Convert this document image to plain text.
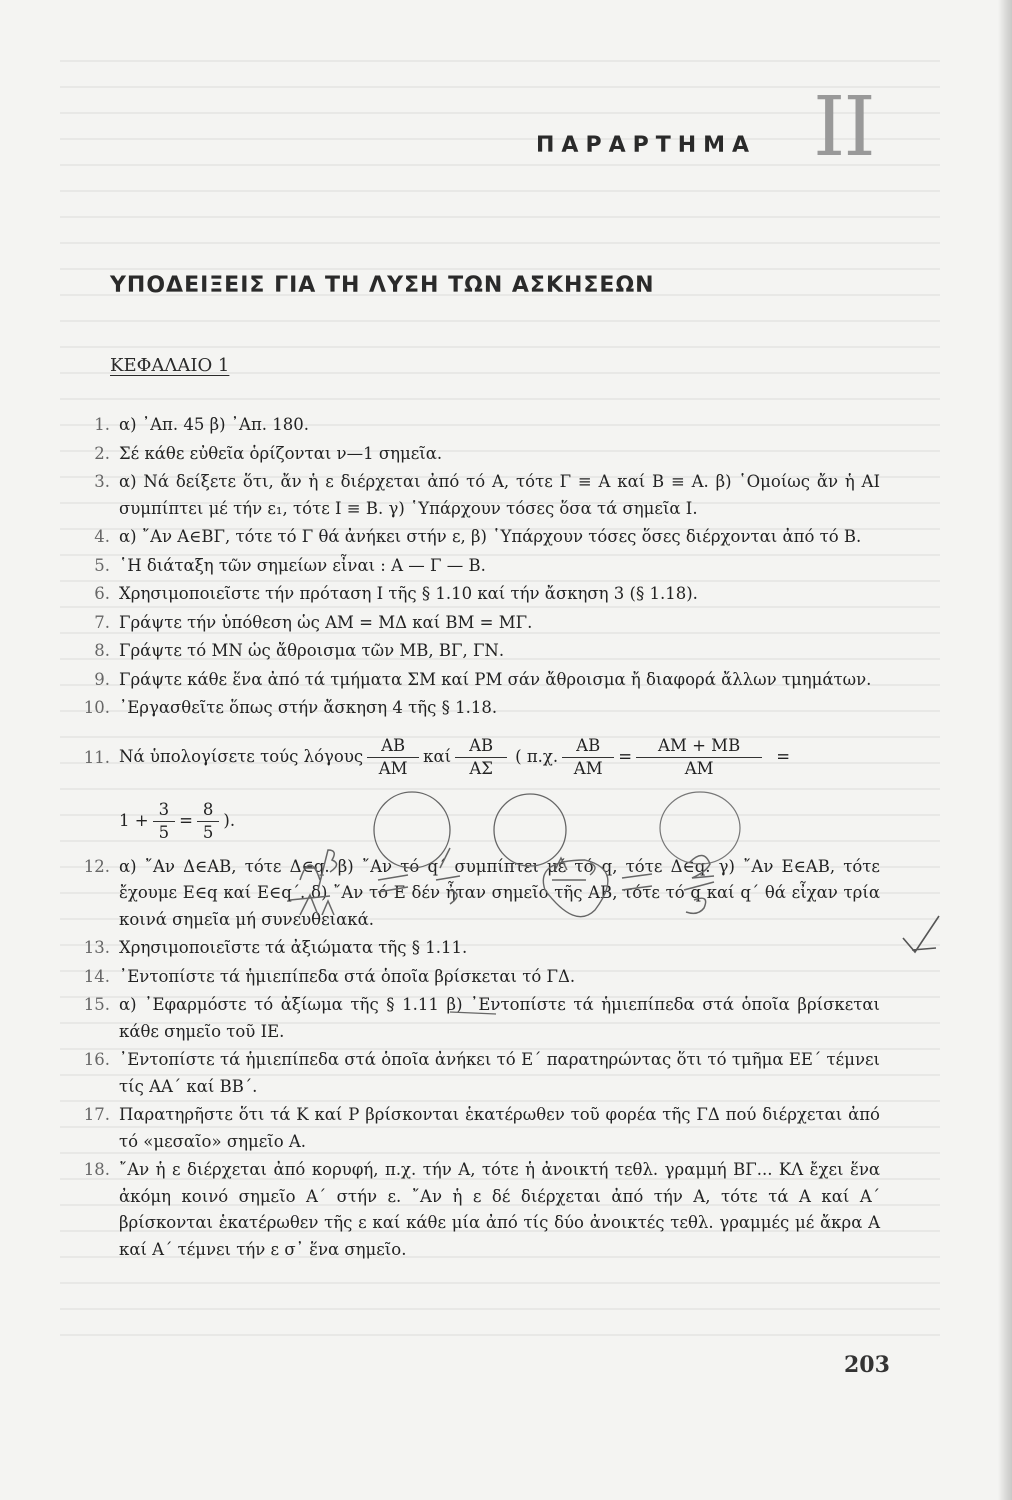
ΠΑΡΑΡΤΗΜΑ II
ΥΠΟΔΕΙΞΕΙΣ ΓΙΑ ΤΗ ΛΥΣΗ ΤΩΝ ΑΣΚΗΣΕΩΝ
ΚΕΦΑΛΑΙΟ 1
1. α) ᾿Απ. 45 β) ᾿Απ. 180.
2. Σέ κάθε εὐθεῖα ὁρίζονται ν—1 σημεῖα.
3. α) Νά δείξετε ὅτι, ἄν ἡ ε διέρχεται ἀπό τό Α, τότε Γ ≡ Α καί Β ≡ Α. β) ῾Ομοίως ἄν ἡ ΑΙ συμπίπτει μέ τήν ε₁, τότε Ι ≡ Β. γ) ῾Υπάρχουν τόσες ὅσα τά σημεῖα Ι.
4. α) ῎Αν Α∈ΒΓ, τότε τό Γ θά ἀνήκει στήν ε, β) ῾Υπάρχουν τόσες ὅσες διέρχονται ἀπό τό Β.
5. ῾Η διάταξη τῶν σημείων εἶναι : Α — Γ — Β.
6. Χρησιμοποιεῖστε τήν πρόταση Ι τῆς § 1.10 καί τήν ἄσκηση 3 (§ 1.18).
7. Γράψτε τήν ὑπόθεση ὡς ΑΜ = ΜΔ καί ΒΜ = ΜΓ.
8. Γράψτε τό ΜΝ ὡς ἄθροισμα τῶν ΜΒ, ΒΓ, ΓΝ.
9. Γράψτε κάθε ἕνα ἀπό τά τμήματα ΣΜ καί ΡΜ σάν ἄθροισμα ἤ διαφορά ἄλλων τμημάτων.
10. ᾿Εργασθεῖτε ὅπως στήν ἄσκηση 4 τῆς § 1.18.
11. Νά ὑπολογίσετε τούς λόγους $\frac{AB}{AM}$ καί $\frac{AB}{A\Sigma}$ ( π.χ. $\frac{AB}{AM} = \frac{AM + MB}{AM}$ =
$1 + \frac{3}{5} = \frac{8}{5}$ ).
12. α) ῎Αν Δ∈ΑΒ, τότε Δ∈q. β) ῎Αν τό q΄ συμπίπτει μέ τό q, τότε Δ∈q. γ) ῎Αν Ε∈ΑΒ, τότε ἔχουμε Ε∈q καί Ε∈q΄. δ) ῎Αν τό Ε δέν ἦταν σημεῖο τῆς ΑΒ, τότε τό q καί q΄ θά εἶχαν τρία κοινά σημεῖα μή συνευθειακά.
13. Χρησιμοποιεῖστε τά ἀξιώματα τῆς § 1.11.
14. ᾿Εντοπίστε τά ἡμιεπίπεδα στά ὁποῖα βρίσκεται τό ΓΔ.
15. α) ᾿Εφαρμόστε τό ἀξίωμα τῆς § 1.11 β) ᾿Εντοπίστε τά ἡμιεπίπεδα στά ὁποῖα βρίσκεται κάθε σημεῖο τοῦ ΙΕ.
16. ᾿Εντοπίστε τά ἡμιεπίπεδα στά ὁποῖα ἀνήκει τό Ε΄ παρατηρώντας ὅτι τό τμῆμα ΕΕ΄ τέμνει τίς ΑΑ΄ καί ΒΒ΄.
17. Παρατηρῆστε ὅτι τά Κ καί Ρ βρίσκονται ἑκατέρωθεν τοῦ φορέα τῆς ΓΔ πού διέρχεται ἀπό τό «μεσαῖο» σημεῖο Α.
18. ῎Αν ἡ ε διέρχεται ἀπό κορυφή, π.χ. τήν Α, τότε ἡ ἀνοικτή τεθλ. γραμμή ΒΓ... ΚΛ ἔχει ἕνα ἀκόμη κοινό σημεῖο Α΄ στήν ε. ῎Αν ἡ ε δέ διέρχεται ἀπό τήν Α, τότε τά Α καί Α΄ βρίσκονται ἑκατέρωθεν τῆς ε καί κάθε μία ἀπό τίς δύο ἀνοικτές τεθλ. γραμμές μέ ἄκρα Α καί Α΄ τέμνει τήν ε σ᾿ ἕνα σημεῖο.
203
